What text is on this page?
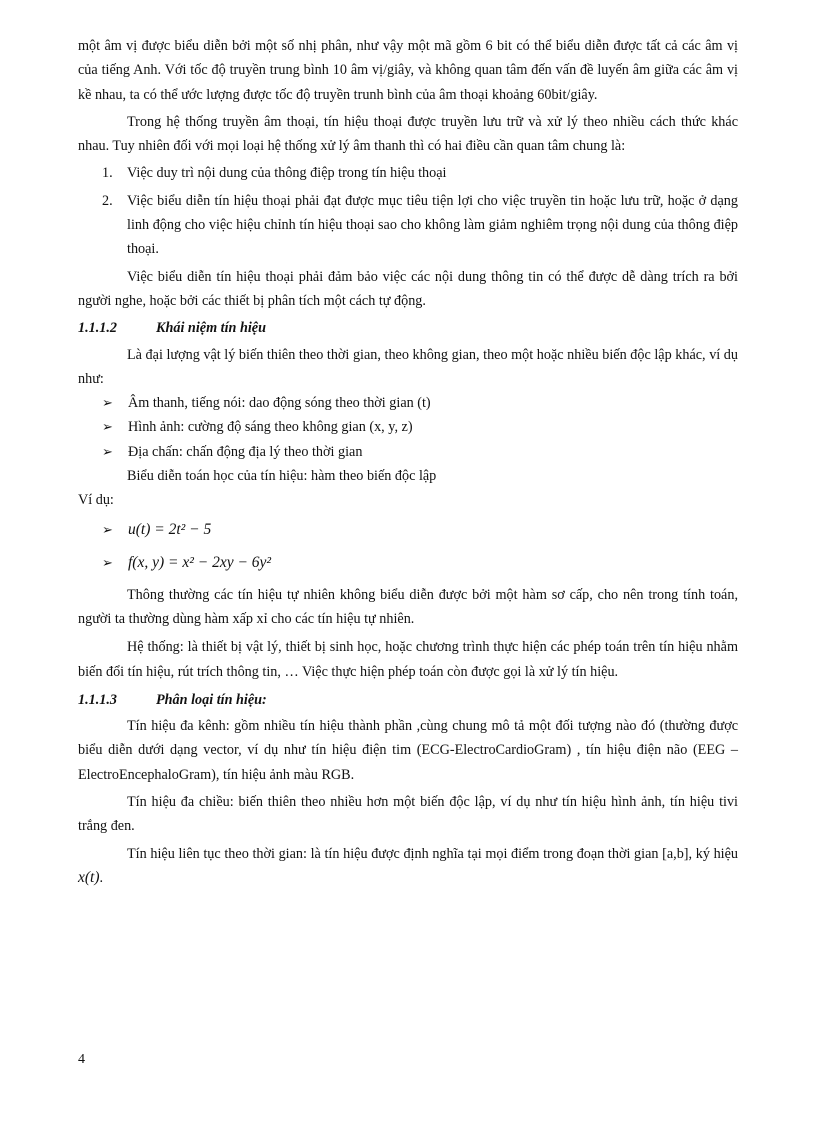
một âm vị được biểu diễn bởi một số nhị phân, như vậy một mã gồm 6 bit có thể biểu diễn được tất cả các âm vị của tiếng Anh. Với tốc độ truyền trung bình 10 âm vị/giây, và không quan tâm đến vấn đề luyến âm giữa các âm vị kề nhau, ta có thể ước lượng được tốc độ truyền trunh bình của âm thoại khoảng 60bit/giây.

Trong hệ thống truyền âm thoại, tín hiệu thoại được truyền lưu trữ và xử lý theo nhiều cách thức khác nhau. Tuy nhiên đối với mọi loại hệ thống xử lý âm thanh thì có hai điều cần quan tâm chung là:

1. Việc duy trì nội dung của thông điệp trong tín hiệu thoại
2. Việc biểu diễn tín hiệu thoại phải đạt được mục tiêu tiện lợi cho việc truyền tin hoặc lưu trữ, hoặc ở dạng linh động cho việc hiệu chỉnh tín hiệu thoại sao cho không làm giảm nghiêm trọng nội dung của thông điệp thoại.

Việc biểu diễn tín hiệu thoại phải đảm bảo việc các nội dung thông tin có thể được dễ dàng trích ra bởi người nghe, hoặc bởi các thiết bị phân tích một cách tự động.

1.1.1.2	Khái niệm tín hiệu

Là đại lượng vật lý biến thiên theo thời gian, theo không gian, theo một hoặc nhiều biến độc lập khác, ví dụ như:

➢ Âm thanh, tiếng nói: dao động sóng theo thời gian (t)
➢ Hình ảnh: cường độ sáng theo không gian (x, y, z)
➢ Địa chấn: chấn động địa lý theo thời gian

Biểu diễn toán học của tín hiệu: hàm theo biến độc lập

Ví dụ:

➢ u(t) = 2t² − 5
➢ f(x, y) = x² − 2xy − 6y²

Thông thường các tín hiệu tự nhiên không biểu diễn được bởi một hàm sơ cấp, cho nên trong tính toán, người ta thường dùng hàm xấp xỉ cho các tín hiệu tự nhiên.

Hệ thống: là thiết bị vật lý, thiết bị sinh học, hoặc chương trình thực hiện các phép toán trên tín hiệu nhằm biến đổi tín hiệu, rút trích thông tin, … Việc thực hiện phép toán còn được gọi là xử lý tín hiệu.

1.1.1.3	Phân loại tín hiệu:

Tín hiệu đa kênh: gồm nhiều tín hiệu thành phần ,cùng chung mô tả một đối tượng nào đó (thường được biểu diễn dưới dạng vector, ví dụ như tín hiệu điện tim (ECG-ElectroCardioGram) , tín hiệu điện não (EEG – ElectroEncephaloGram), tín hiệu ảnh màu RGB.

Tín hiệu đa chiều: biến thiên theo nhiều hơn một biến độc lập, ví dụ như tín hiệu hình ảnh, tín hiệu tivi trắng đen.

Tín hiệu liên tục theo thời gian: là tín hiệu được định nghĩa tại mọi điểm trong đoạn thời gian [a,b], ký hiệu x(t).

4
